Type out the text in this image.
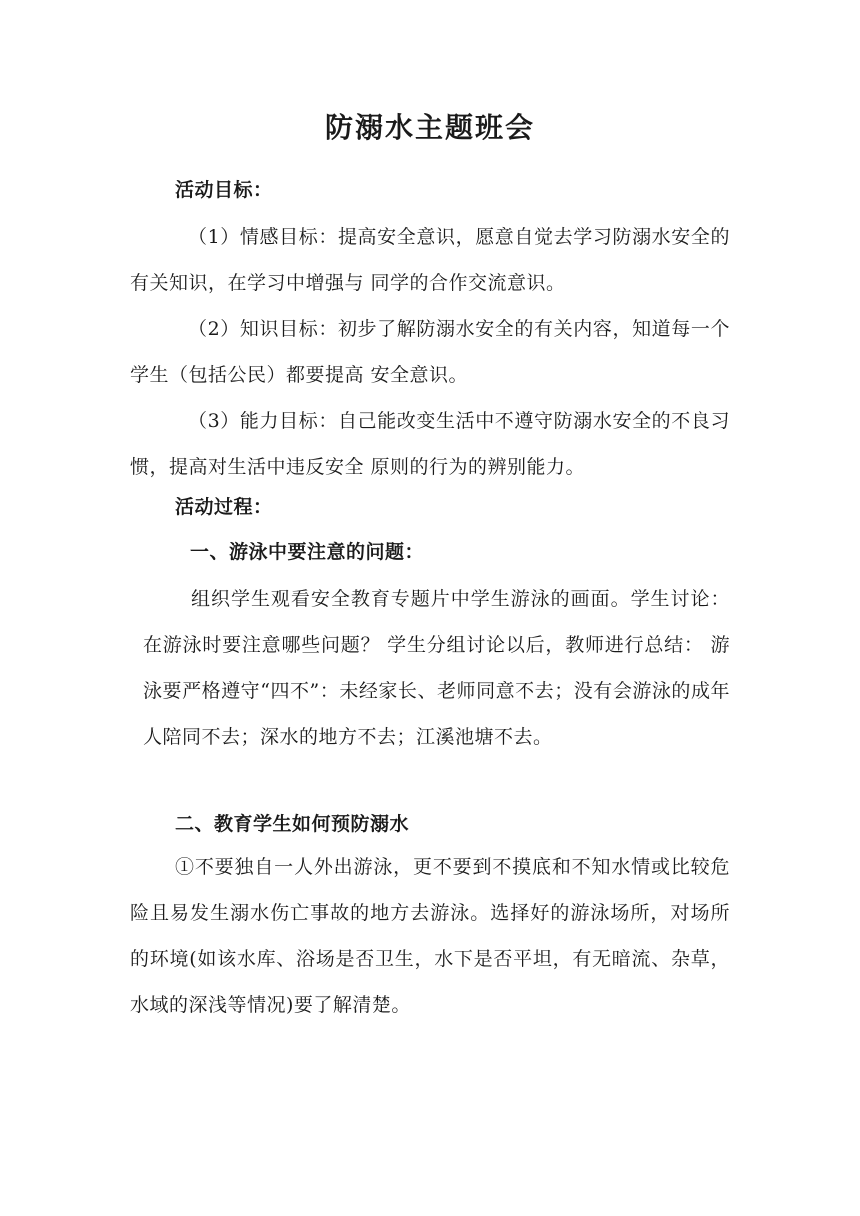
防溺水主题班会
活动目标：
（1）情感目标：提高安全意识，愿意自觉去学习防溺水安全的有关知识，在学习中增强与 同学的合作交流意识。
（2）知识目标：初步了解防溺水安全的有关内容，知道每一个学生（包括公民）都要提高 安全意识。
（3）能力目标：自己能改变生活中不遵守防溺水安全的不良习惯，提高对生活中违反安全 原则的行为的辨别能力。
活动过程：
一、游泳中要注意的问题：
组织学生观看安全教育专题片中学生游泳的画面。学生讨论：在游泳时要注意哪些问题？ 学生分组讨论以后，教师进行总结： 游泳要严格遵守“四不”：未经家长、老师同意不去；没有会游泳的成年人陪同不去；深水的地方不去；江溪池塘不去。
二、教育学生如何预防溺水
①不要独自一人外出游泳，更不要到不摸底和不知水情或比较危险且易发生溺水伤亡事故的地方去游泳。选择好的游泳场所，对场所的环境(如该水库、浴场是否卫生，水下是否平坦，有无暗流、杂草，水域的深浅等情况)要了解清楚。
